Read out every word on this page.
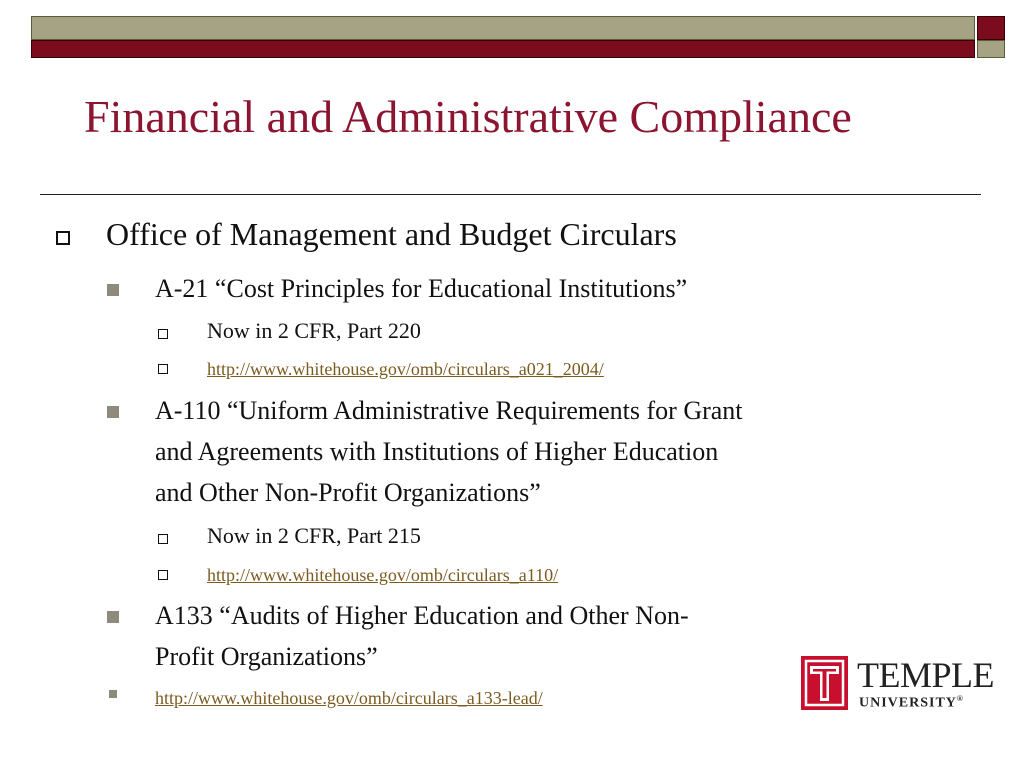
Financial and Administrative Compliance
Office of Management and Budget Circulars
A-21 “Cost Principles for Educational Institutions”
Now in 2 CFR, Part 220
http://www.whitehouse.gov/omb/circulars_a021_2004/
A-110 “Uniform Administrative Requirements for Grant
and Agreements with Institutions of Higher Education
and Other Non-Profit Organizations”
Now in 2 CFR, Part 215
http://www.whitehouse.gov/omb/circulars_a110/
A133 “Audits of Higher Education and Other Non-
Profit Organizations”
http://www.whitehouse.gov/omb/circulars_a133-lead/
TEMPLE
UNIVERSITY®
